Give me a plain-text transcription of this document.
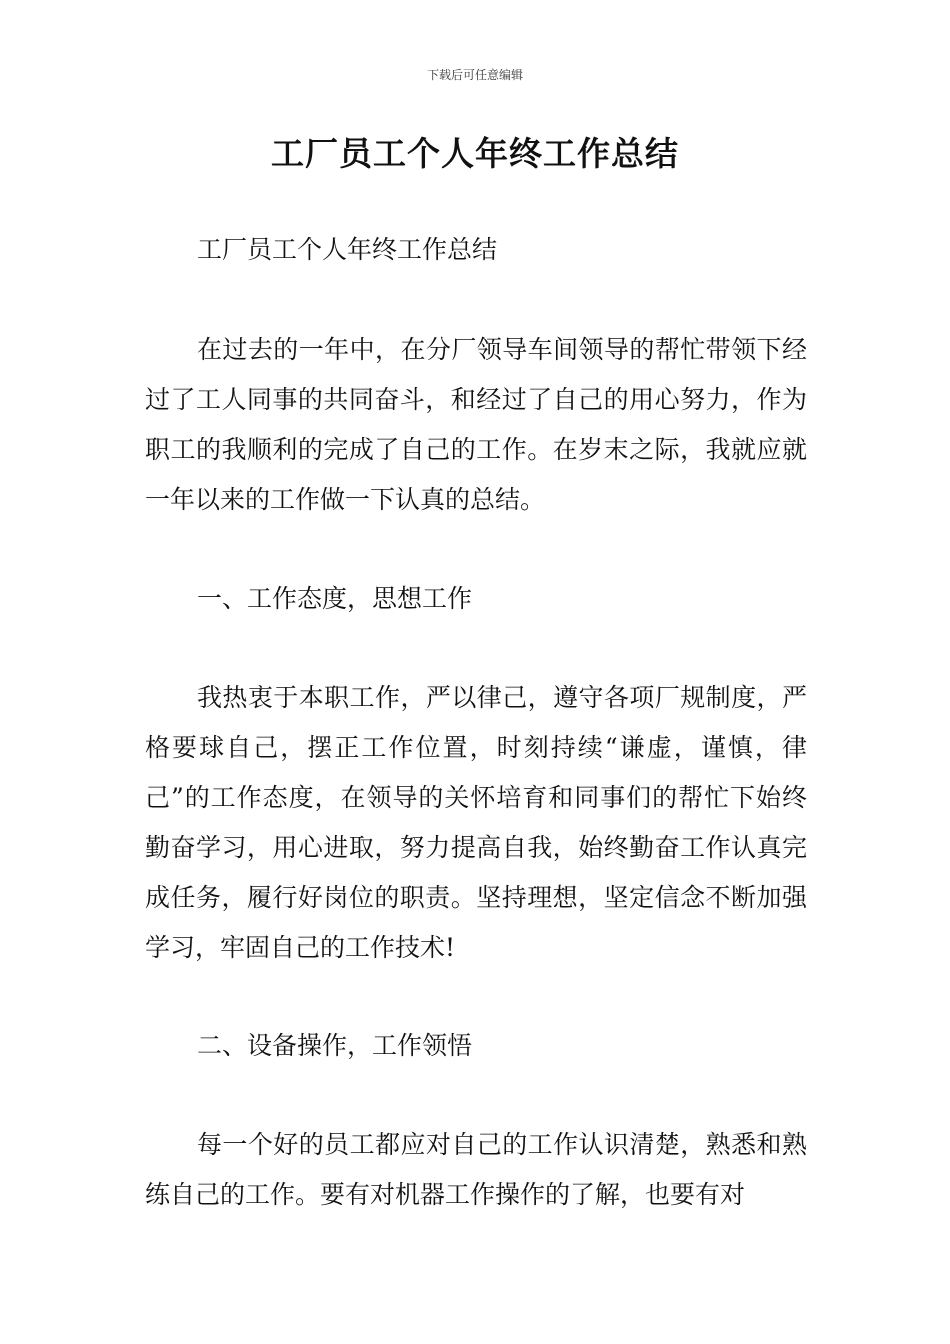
下载后可任意编辑
工厂员工个人年终工作总结

工厂员工个人年终工作总结

在过去的一年中，在分厂领导车间领导的帮忙带领下经过了工人同事的共同奋斗，和经过了自己的用心努力，作为职工的我顺利的完成了自己的工作。在岁末之际，我就应就一年以来的工作做一下认真的总结。

一、工作态度，思想工作

我热衷于本职工作，严以律己，遵守各项厂规制度，严格要球自己，摆正工作位置，时刻持续“谦虚，谨慎，律己”的工作态度，在领导的关怀培育和同事们的帮忙下始终勤奋学习，用心进取，努力提高自我，始终勤奋工作认真完成任务，履行好岗位的职责。坚持理想，坚定信念不断加强学习，牢固自己的工作技术!

二、设备操作，工作领悟

每一个好的员工都应对自己的工作认识清楚，熟悉和熟练自己的工作。要有对机器工作操作的了解，也要有对
